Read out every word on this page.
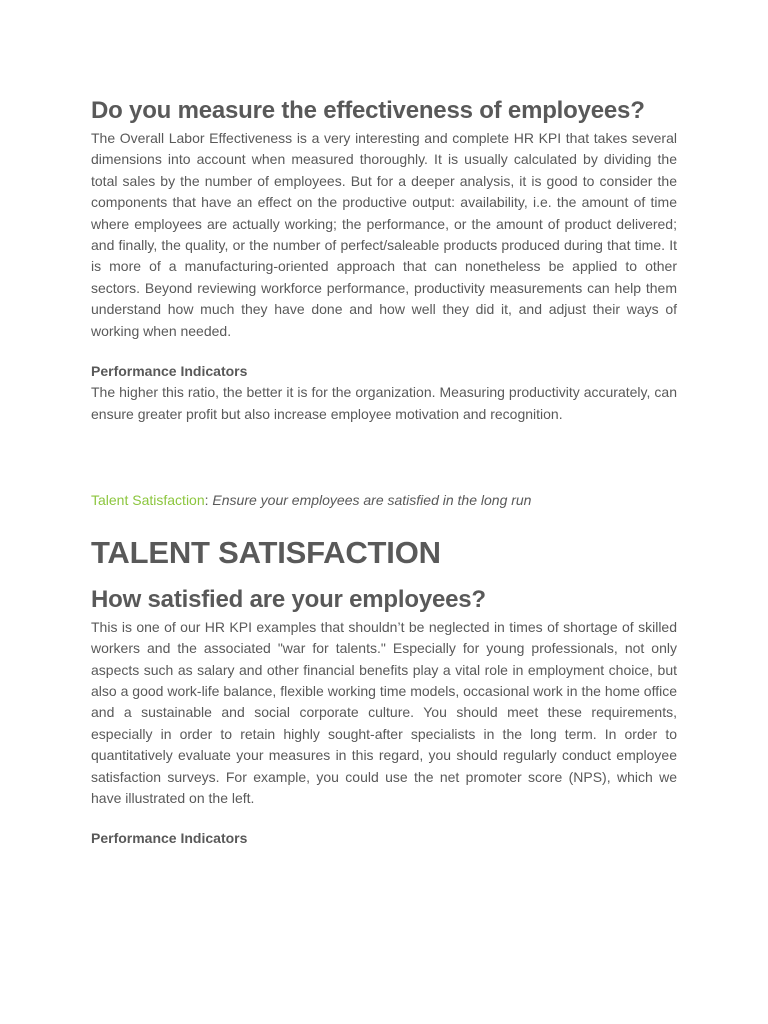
Do you measure the effectiveness of employees?

The Overall Labor Effectiveness is a very interesting and complete HR KPI that takes several dimensions into account when measured thoroughly. It is usually calculated by dividing the total sales by the number of employees. But for a deeper analysis, it is good to consider the components that have an effect on the productive output: availability, i.e. the amount of time where employees are actually working; the performance, or the amount of product delivered; and finally, the quality, or the number of perfect/saleable products produced during that time. It is more of a manufacturing-oriented approach that can nonetheless be applied to other sectors. Beyond reviewing workforce performance, productivity measurements can help them understand how much they have done and how well they did it, and adjust their ways of working when needed.

Performance Indicators

The higher this ratio, the better it is for the organization. Measuring productivity accurately, can ensure greater profit but also increase employee motivation and recognition.

Talent Satisfaction: Ensure your employees are satisfied in the long run

TALENT SATISFACTION
How satisfied are your employees?

This is one of our HR KPI examples that shouldn’t be neglected in times of shortage of skilled workers and the associated "war for talents." Especially for young professionals, not only aspects such as salary and other financial benefits play a vital role in employment choice, but also a good work-life balance, flexible working time models, occasional work in the home office and a sustainable and social corporate culture. You should meet these requirements, especially in order to retain highly sought-after specialists in the long term. In order to quantitatively evaluate your measures in this regard, you should regularly conduct employee satisfaction surveys. For example, you could use the net promoter score (NPS), which we have illustrated on the left.

Performance Indicators
